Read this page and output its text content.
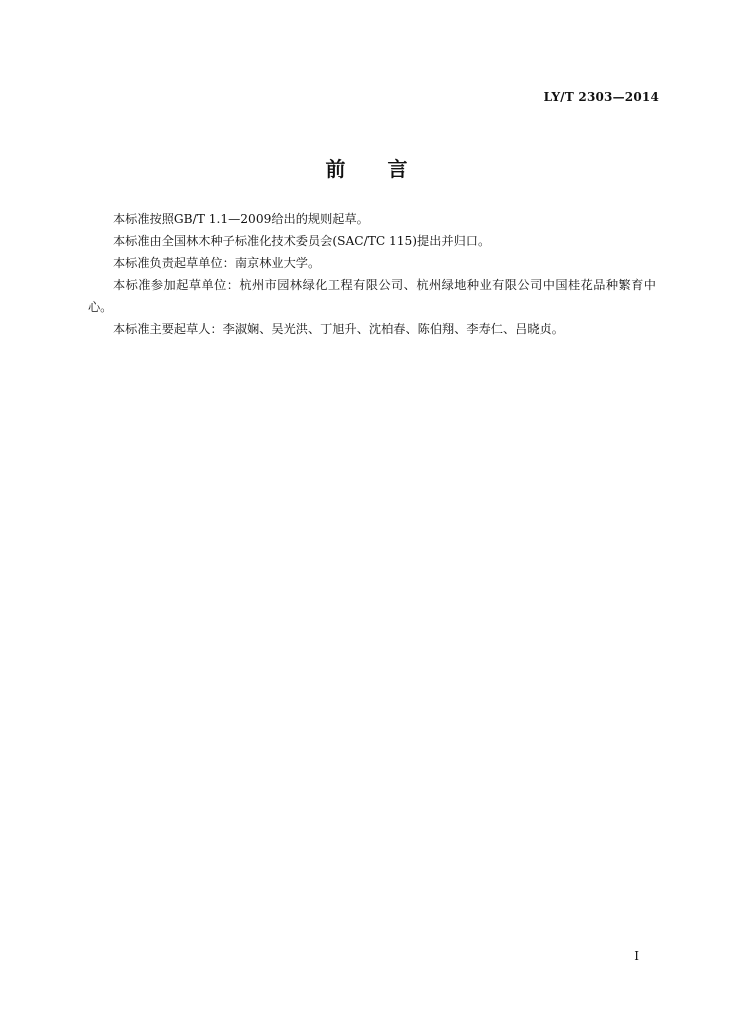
LY/T 2303—2014
前 言

本标准按照GB/T 1.1—2009给出的规则起草。

本标准由全国林木种子标准化技术委员会(SAC/TC 115)提出并归口。

本标准负责起草单位：南京林业大学。

本标准参加起草单位：杭州市园林绿化工程有限公司、杭州绿地种业有限公司中国桂花品种繁育中心。

本标准主要起草人：李淑娴、吴光洪、丁旭升、沈柏春、陈伯翔、李寿仁、吕晓贞。

I
